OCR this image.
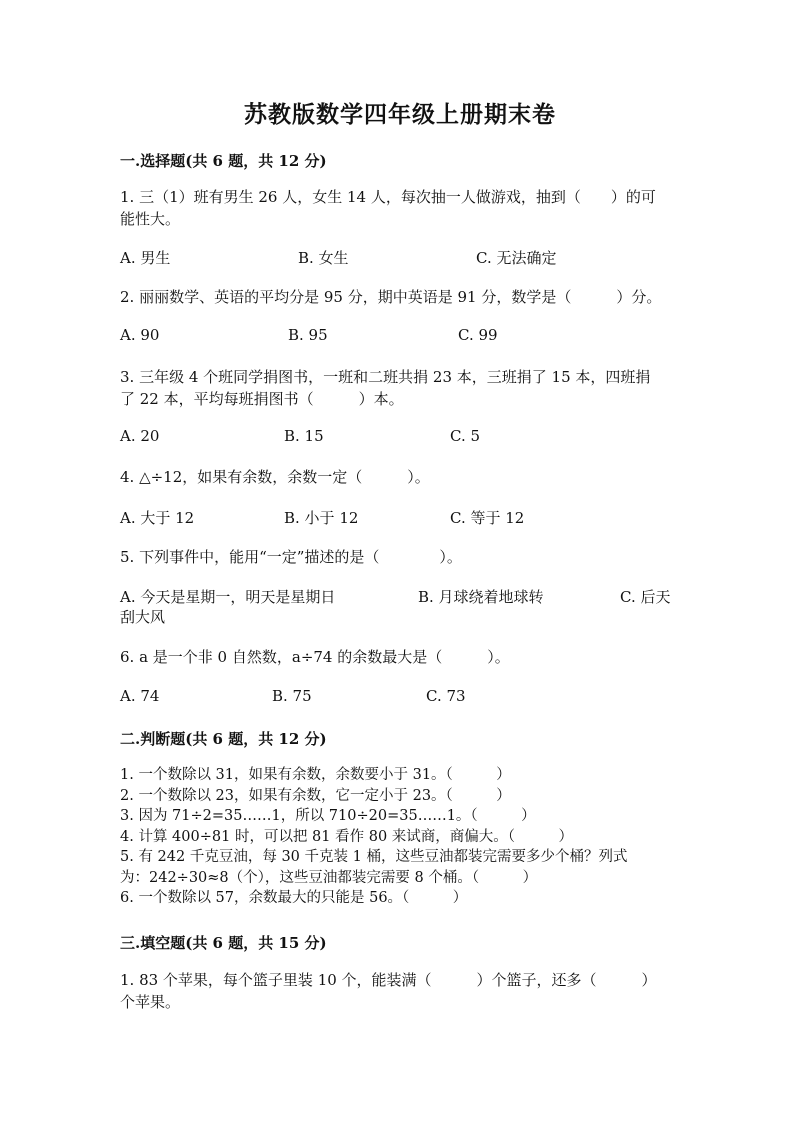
苏教版数学四年级上册期末卷
一.选择题(共 6 题，共 12 分)
1. 三（1）班有男生 26 人，女生 14 人，每次抽一人做游戏，抽到（　　）的可
能性大。
A. 男生	B. 女生	C. 无法确定
2. 丽丽数学、英语的平均分是 95 分，期中英语是 91 分，数学是（　　　）分。
A. 90	B. 95	C. 99
3. 三年级 4 个班同学捐图书，一班和二班共捐 23 本，三班捐了 15 本，四班捐
了 22 本，平均每班捐图书（　　　）本。
A. 20	B. 15	C. 5
4. △÷12，如果有余数，余数一定（　　　）。
A. 大于 12	B. 小于 12	C. 等于 12
5. 下列事件中，能用“一定”描述的是（　　　　）。
A. 今天是星期一，明天是星期日	B. 月球绕着地球转	C. 后天
刮大风
6. a 是一个非 0 自然数，a÷74 的余数最大是（　　　）。
A. 74	B. 75	C. 73
二.判断题(共 6 题，共 12 分)
1. 一个数除以 31，如果有余数，余数要小于 31。（　　　）
2. 一个数除以 23，如果有余数，它一定小于 23。（　　　）
3. 因为 71÷2=35……1，所以 710÷20=35……1。（　　　）
4. 计算 400÷81 时，可以把 81 看作 80 来试商，商偏大。（　　　）
5. 有 242 千克豆油，每 30 千克装 1 桶，这些豆油都装完需要多少个桶？列式
为：242÷30≈8（个），这些豆油都装完需要 8 个桶。（　　　）
6. 一个数除以 57，余数最大的只能是 56。（　　　）
三.填空题(共 6 题，共 15 分)
1. 83 个苹果，每个篮子里装 10 个，能装满（　　　）个篮子，还多（　　　）
个苹果。
